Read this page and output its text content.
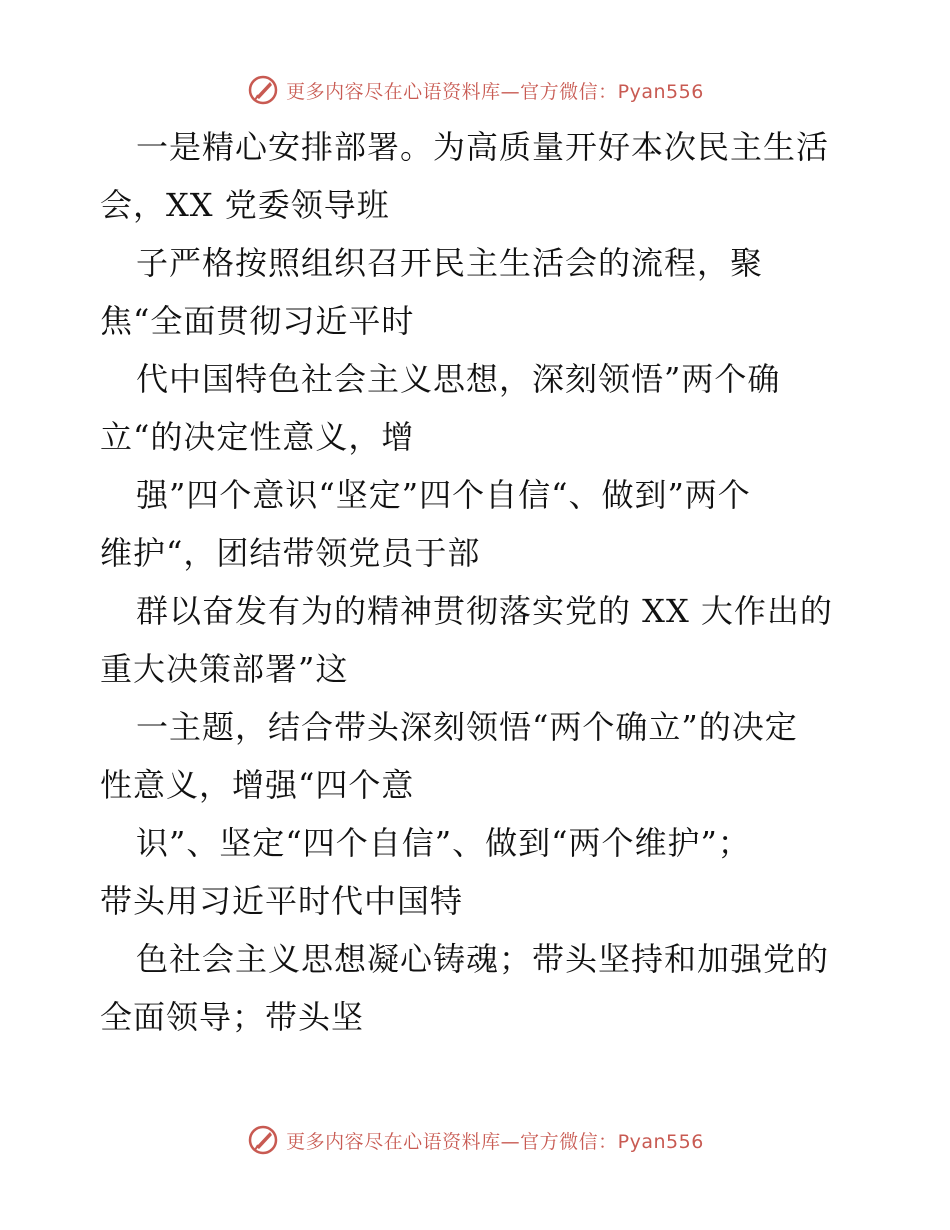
更多内容尽在心语资料库—官方微信：Pyan556
一是精心安排部署。为高质量开好本次民主生活
会，XX 党委领导班
子严格按照组织召开民主生活会的流程，聚
焦“全面贯彻习近平时
代中国特色社会主义思想，深刻领悟”两个确
立“的决定性意义，增
强”四个意识“坚定”四个自信“、做到”两个
维护“，团结带领党员于部
群以奋发有为的精神贯彻落实党的 XX 大作出的
重大决策部署”这
一主题，结合带头深刻领悟“两个确立”的决定
性意义，增强“四个意
识”、坚定“四个自信”、做到“两个维护”；
带头用习近平时代中国特
色社会主义思想凝心铸魂；带头坚持和加强党的
全面领导；带头坚
更多内容尽在心语资料库—官方微信：Pyan556
